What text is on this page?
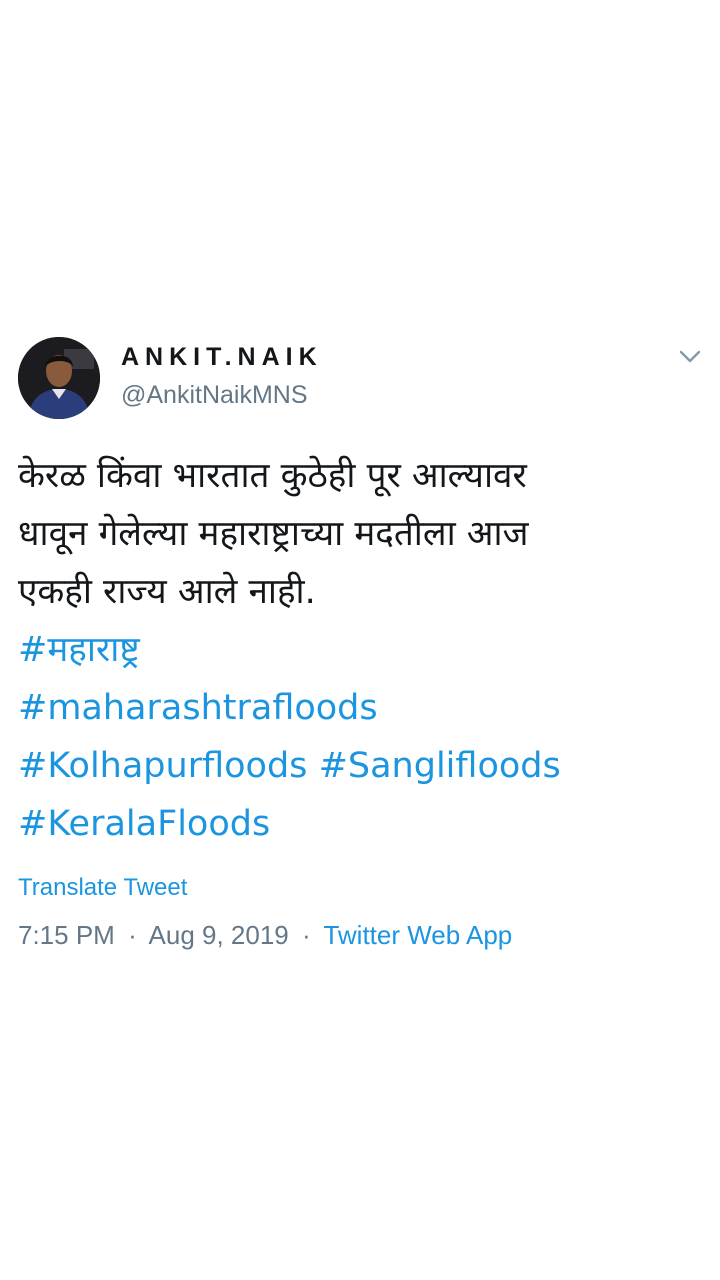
ANKIT.NAIK
@AnkitNaikMNS
केरळ किंवा भारतात कुठेही पूर आल्यावर
धावून गेलेल्या महाराष्ट्राच्या मदतीला आज
एकही राज्य आले नाही.
#महाराष्ट्र
#maharashtrafloods
#Kolhapurfloods #Sanglifloods
#KeralaFloods
Translate Tweet
7:15 PM · Aug 9, 2019 · Twitter Web App
